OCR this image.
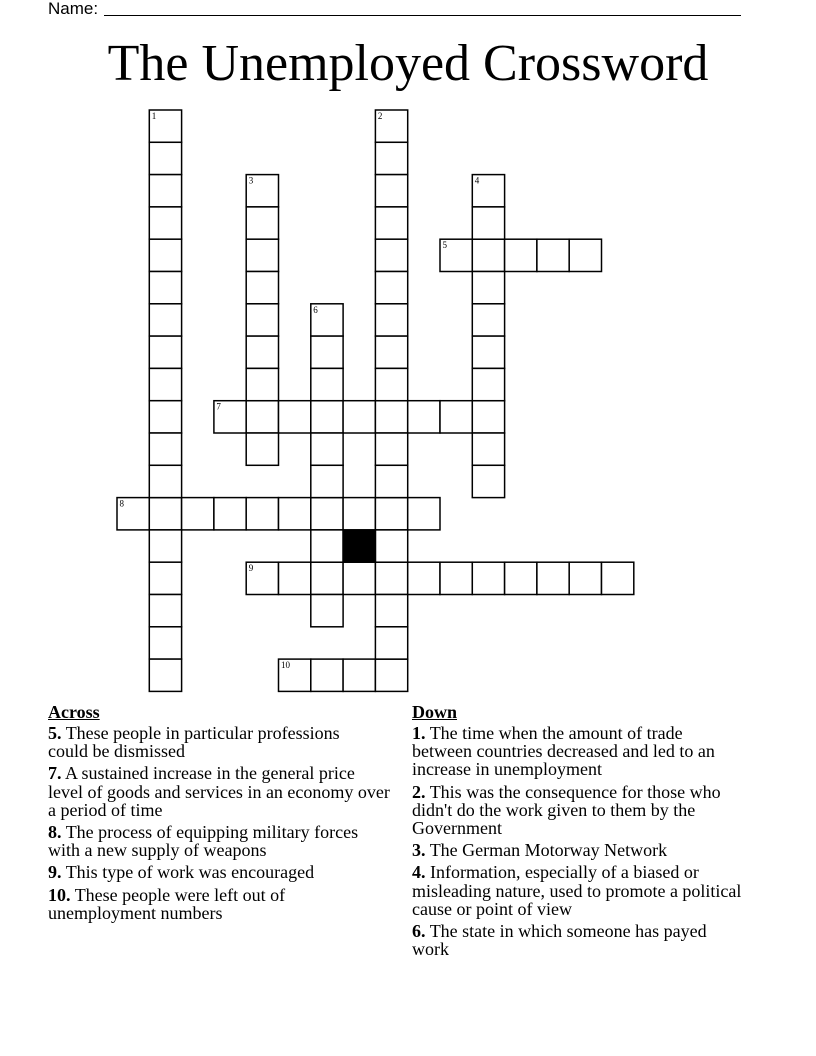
Name:
The Unemployed Crossword
5
7
8
9
10
1	2
3	4
6
Across
5 . These people in particular professions could be dismissed
7 . A sustained increase in the general price level of goods and services in an economy over a period of time
8 . The process of equipping military forces with a new supply of weapons
9 . This type of work was encouraged
10 . These people were left out of unemployment numbers
Down
1 . The time when the amount of trade between countries decreased and led to an increase in unemployment
2 . This was the consequence for those who didn't do the work given to them by the Government
3 . The German Motorway Network
4 . Information, especially of a biased or misleading nature, used to promote a political cause or point of view
6 . The state in which someone has payed work
